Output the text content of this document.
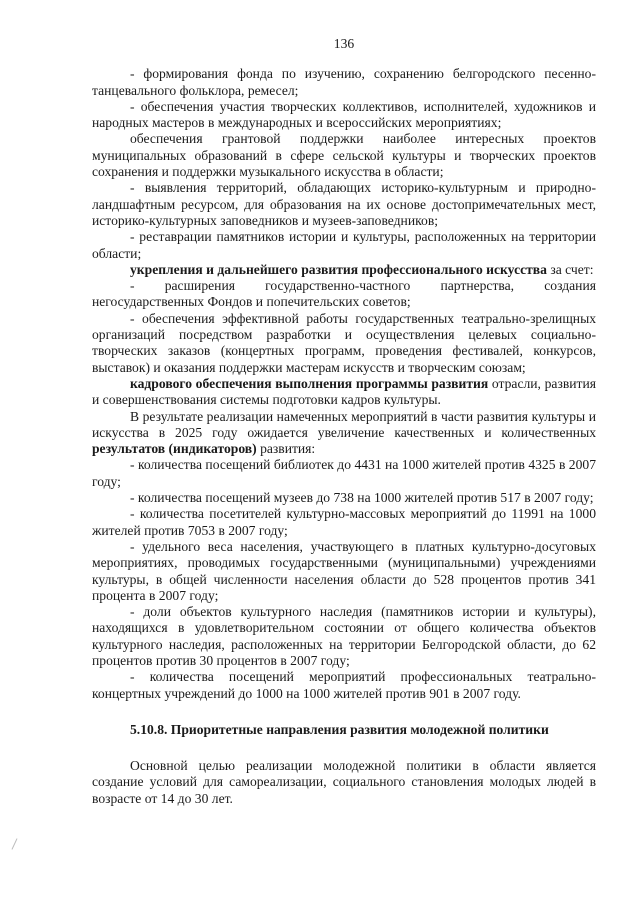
136

- формирования фонда по изучению, сохранению белгородского песенно-танцевального фольклора, ремесел;

- обеспечения участия творческих коллективов, исполнителей, художников и народных мастеров в международных и всероссийских мероприятиях;

обеспечения грантовой поддержки наиболее интересных проектов муниципальных образований в сфере сельской культуры и творческих проектов сохранения и поддержки музыкального искусства в области;

- выявления территорий, обладающих историко-культурным и природно-ландшафтным ресурсом, для образования на их основе достопримечательных мест, историко-культурных заповедников и музеев-заповедников;

- реставрации памятников истории и культуры, расположенных на территории области;

укрепления и дальнейшего развития профессионального искусства за счет:

- расширения государственно-частного партнерства, создания негосударственных Фондов и попечительских советов;

- обеспечения эффективной работы государственных театрально-зрелищных организаций посредством разработки и осуществления целевых социально-творческих заказов (концертных программ, проведения фестивалей, конкурсов, выставок) и оказания поддержки мастерам искусств и творческим союзам;

кадрового обеспечения выполнения программы развития отрасли, развития и совершенствования системы подготовки кадров культуры.

В результате реализации намеченных мероприятий в части развития культуры и искусства в 2025 году ожидается увеличение качественных и количественных результатов (индикаторов) развития:

- количества посещений библиотек до 4431 на 1000 жителей против 4325 в 2007 году;

- количества посещений музеев до 738 на 1000 жителей против 517 в 2007 году;

- количества посетителей культурно-массовых мероприятий до 11991 на 1000 жителей против 7053 в 2007 году;

- удельного веса населения, участвующего в платных культурно-досуговых мероприятиях, проводимых государственными (муниципальными) учреждениями культуры, в общей численности населения области до 528 процентов против 341 процента в 2007 году;

- доли объектов культурного наследия (памятников истории и культуры), находящихся в удовлетворительном состоянии от общего количества объектов культурного наследия, расположенных на территории Белгородской области, до 62 процентов против 30 процентов в 2007 году;

- количества посещений мероприятий профессиональных театрально-концертных учреждений до 1000 на 1000 жителей против 901 в 2007 году.

5.10.8. Приоритетные направления развития молодежной политики

Основной целью реализации молодежной политики в области является создание условий для самореализации, социального становления молодых людей в возрасте от 14 до 30 лет.
